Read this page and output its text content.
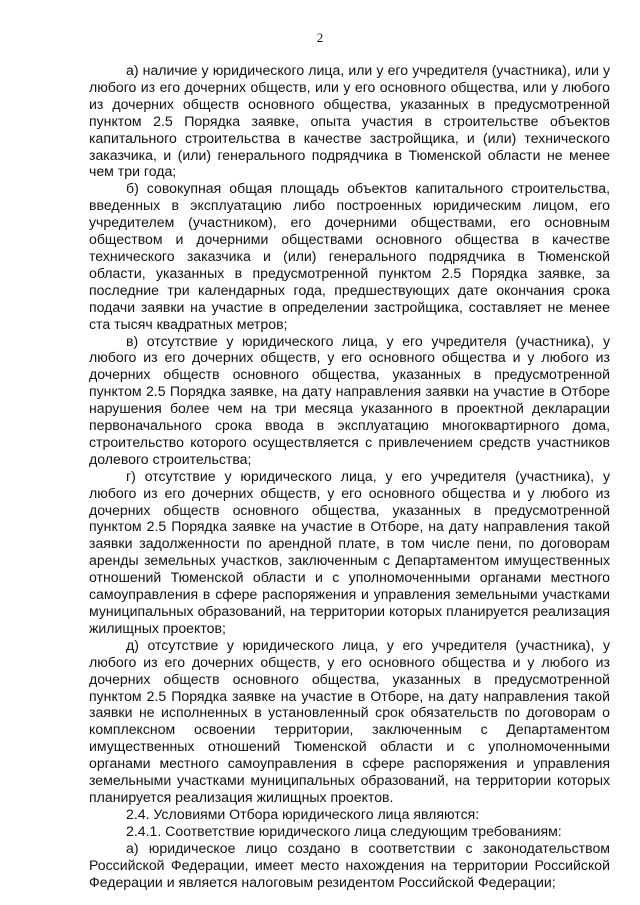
2

а) наличие у юридического лица, или у его учредителя (участника), или у любого из его дочерних обществ, или у его основного общества, или у любого из дочерних обществ основного общества, указанных в предусмотренной пунктом 2.5 Порядка заявке, опыта участия в строительстве объектов капитального строительства в качестве застройщика, и (или) технического заказчика, и (или) генерального подрядчика в Тюменской области не менее чем три года;

б) совокупная общая площадь объектов капитального строительства, введенных в эксплуатацию либо построенных юридическим лицом, его учредителем (участником), его дочерними обществами, его основным обществом и дочерними обществами основного общества в качестве технического заказчика и (или) генерального подрядчика в Тюменской области, указанных в предусмотренной пунктом 2.5 Порядка заявке, за последние три календарных года, предшествующих дате окончания срока подачи заявки на участие в определении застройщика, составляет не менее ста тысяч квадратных метров;

в) отсутствие у юридического лица, у его учредителя (участника), у любого из его дочерних обществ, у его основного общества и у любого из дочерних обществ основного общества, указанных в предусмотренной пунктом 2.5 Порядка заявке, на дату направления заявки на участие в Отборе нарушения более чем на три месяца указанного в проектной декларации первоначального срока ввода в эксплуатацию многоквартирного дома, строительство которого осуществляется с привлечением средств участников долевого строительства;

г) отсутствие у юридического лица, у его учредителя (участника), у любого из его дочерних обществ, у его основного общества и у любого из дочерних обществ основного общества, указанных в предусмотренной пунктом 2.5 Порядка заявке на участие в Отборе, на дату направления такой заявки задолженности по арендной плате, в том числе пени, по договорам аренды земельных участков, заключенным с Департаментом имущественных отношений Тюменской области и с уполномоченными органами местного самоуправления в сфере распоряжения и управления земельными участками муниципальных образований, на территории которых планируется реализация жилищных проектов;

д) отсутствие у юридического лица, у его учредителя (участника), у любого из его дочерних обществ, у его основного общества и у любого из дочерних обществ основного общества, указанных в предусмотренной пунктом 2.5 Порядка заявке на участие в Отборе, на дату направления такой заявки не исполненных в установленный срок обязательств по договорам о комплексном освоении территории, заключенным с Департаментом имущественных отношений Тюменской области и с уполномоченными органами местного самоуправления в сфере распоряжения и управления земельными участками муниципальных образований, на территории которых планируется реализация жилищных проектов.

2.4. Условиями Отбора юридического лица являются:

2.4.1. Соответствие юридического лица следующим требованиям:

а) юридическое лицо создано в соответствии с законодательством Российской Федерации, имеет место нахождения на территории Российской Федерации и является налоговым резидентом Российской Федерации;
